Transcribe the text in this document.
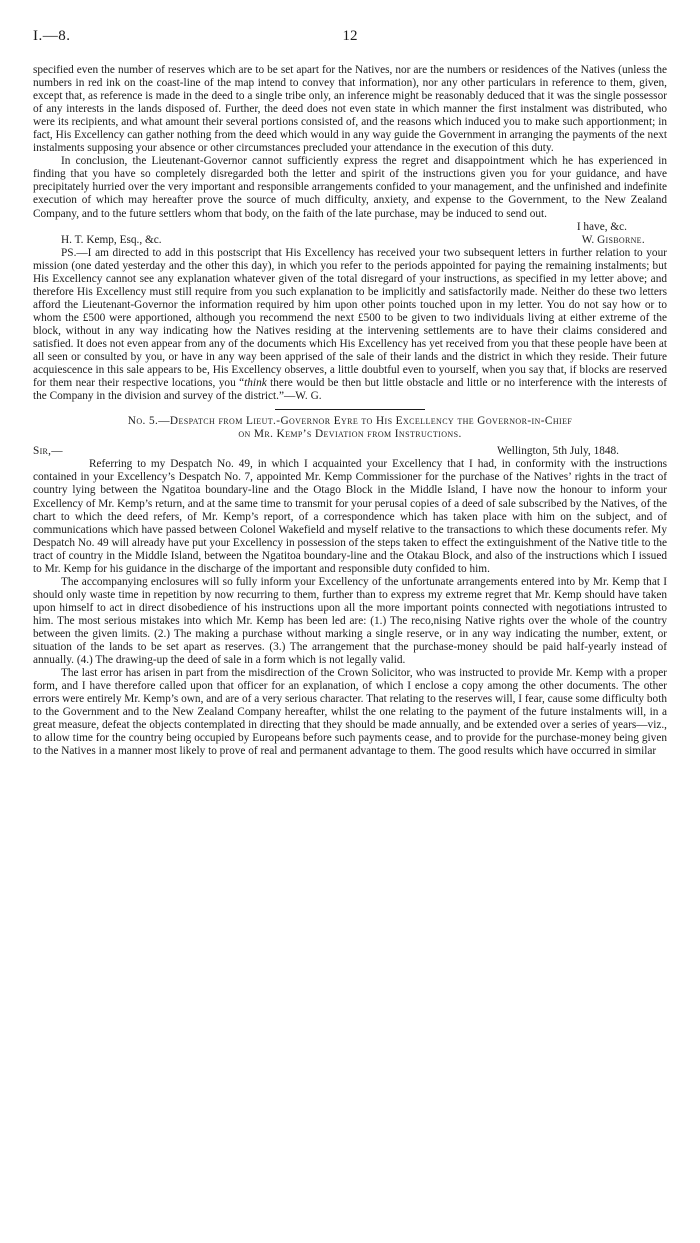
I.—8.	12

specified even the number of reserves which are to be set apart for the Natives, nor are the numbers or residences of the Natives (unless the numbers in red ink on the coast-line of the map intend to convey that information), nor any other particulars in reference to them, given, except that, as reference is made in the deed to a single tribe only, an inference might be reasonably deduced that it was the single possessor of any interests in the lands disposed of. Further, the deed does not even state in which manner the first instalment was distributed, who were its recipients, and what amount their several portions consisted of, and the reasons which induced you to make such apportionment; in fact, His Excellency can gather nothing from the deed which would in any way guide the Government in arranging the payments of the next instalments supposing your absence or other circumstances precluded your attendance in the execution of this duty.

In conclusion, the Lieutenant-Governor cannot sufficiently express the regret and disappointment which he has experienced in finding that you have so completely disregarded both the letter and spirit of the instructions given you for your guidance, and have precipitately hurried over the very important and responsible arrangements confided to your management, and the unfinished and indefinite execution of which may hereafter prove the source of much difficulty, anxiety, and expense to the Government, to the New Zealand Company, and to the future settlers whom that body, on the faith of the late purchase, may be induced to send out.

I have, &c.

H. T. Kemp, Esq., &c.	W. Gisborne.

PS.—I am directed to add in this postscript that His Excellency has received your two subsequent letters in further relation to your mission (one dated yesterday and the other this day), in which you refer to the periods appointed for paying the remaining instalments; but His Excellency cannot see any explanation whatever given of the total disregard of your instructions, as specified in my letter above; and therefore His Excellency must still require from you such explanation to be implicitly and satisfactorily made. Neither do these two letters afford the Lieutenant-Governor the information required by him upon other points touched upon in my letter. You do not say how or to whom the £500 were apportioned, although you recommend the next £500 to be given to two individuals living at either extreme of the block, without in any way indicating how the Natives residing at the intervening settlements are to have their claims considered and satisfied. It does not even appear from any of the documents which His Excellency has yet received from you that these people have been at all seen or consulted by you, or have in any way been apprised of the sale of their lands and the district in which they reside. Their future acquiescence in this sale appears to be, His Excellency observes, a little doubtful even to yourself, when you say that, if blocks are reserved for them near their respective locations, you “think there would be then but little obstacle and little or no interference with the interests of the Company in the division and survey of the district.”—W. G.

No. 5.—Despatch from Lieut.-Governor Eyre to His Excellency the Governor-in-Chief
on Mr. Kemp’s Deviation from Instructions.
Sir,—	Wellington, 5th July, 1848.

Referring to my Despatch No. 49, in which I acquainted your Excellency that I had, in conformity with the instructions contained in your Excellency’s Despatch No. 7, appointed Mr. Kemp Commissioner for the purchase of the Natives’ rights in the tract of country lying between the Ngatitoa boundary-line and the Otago Block in the Middle Island, I have now the honour to inform your Excellency of Mr. Kemp’s return, and at the same time to transmit for your perusal copies of a deed of sale subscribed by the Natives, of the chart to which the deed refers, of Mr. Kemp’s report, of a correspondence which has taken place with him on the subject, and of communications which have passed between Colonel Wakefield and myself relative to the transactions to which these documents refer. My Despatch No. 49 will already have put your Excellency in possession of the steps taken to effect the extinguishment of the Native title to the tract of country in the Middle Island, between the Ngatitoa boundary-line and the Otakau Block, and also of the instructions which I issued to Mr. Kemp for his guidance in the discharge of the important and responsible duty confided to him.

The accompanying enclosures will so fully inform your Excellency of the unfortunate arrangements entered into by Mr. Kemp that I should only waste time in repetition by now recurring to them, further than to express my extreme regret that Mr. Kemp should have taken upon himself to act in direct disobedience of his instructions upon all the more important points connected with negotiations intrusted to him. The most serious mistakes into which Mr. Kemp has been led are: (1.) The reco,nising Native rights over the whole of the country between the given limits. (2.) The making a purchase without marking a single reserve, or in any way indicating the number, extent, or situation of the lands to be set apart as reserves. (3.) The arrangement that the purchase-money should be paid half-yearly instead of annually. (4.) The drawing-up the deed of sale in a form which is not legally valid.

The last error has arisen in part from the misdirection of the Crown Solicitor, who was instructed to provide Mr. Kemp with a proper form, and I have therefore called upon that officer for an explanation, of which I enclose a copy among the other documents. The other errors were entirely Mr. Kemp’s own, and are of a very serious character. That relating to the reserves will, I fear, cause some difficulty both to the Government and to the New Zealand Company hereafter, whilst the one relating to the payment of the future instalments will, in a great measure, defeat the objects contemplated in directing that they should be made annually, and be extended over a series of years—viz., to allow time for the country being occupied by Europeans before such payments cease, and to provide for the purchase-money being given to the Natives in a manner most likely to prove of real and permanent advantage to them. The good results which have occurred in similar
